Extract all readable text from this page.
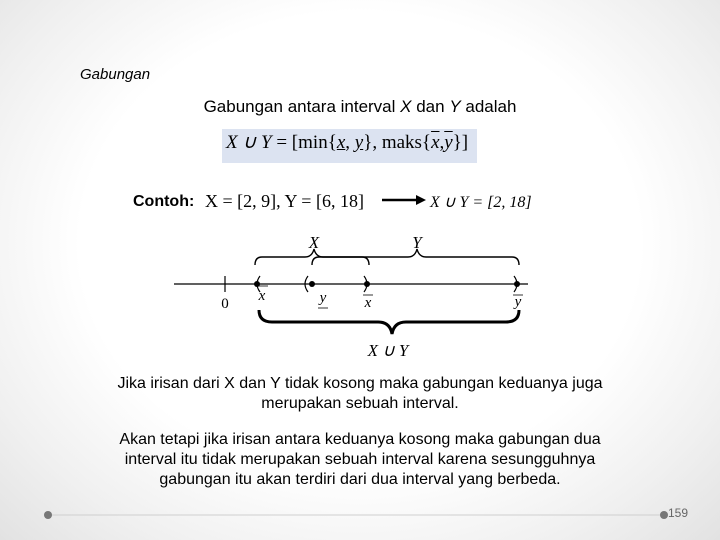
Gabungan
Gabungan antara interval X dan Y adalah
X ∪ Y = [min{x, y}, $maks\{\overline{x},\overline{y}\}$]
Contoh: X = [2, 9], Y = [6, 18]	X ∪ Y = [2, 18]
X	Y
0 x	y	x	y
X ∪ Y
Jika irisan dari X dan Y tidak kosong maka gabungan keduanya juga
merupakan sebuah interval.
Akan tetapi jika irisan antara keduanya kosong maka gabungan dua
interval itu tidak merupakan sebuah interval karena sesungguhnya
gabungan itu akan terdiri dari dua interval yang berbeda.
159
